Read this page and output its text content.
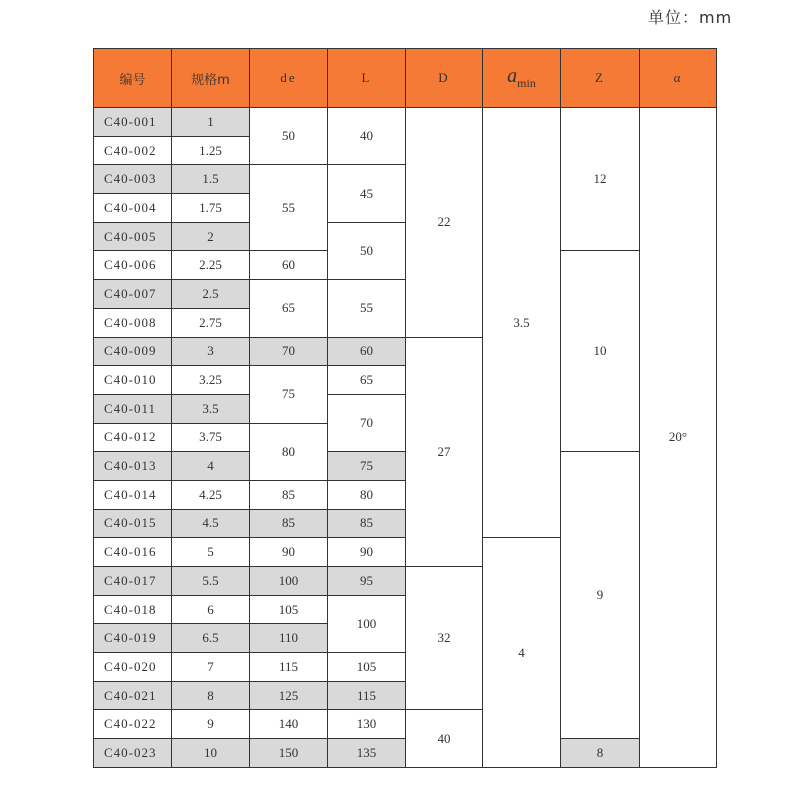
单位：mm
编号	规格m	de	L	D	$a_{min}$	Z	α
C40-001	1	50	40	22	3.5	12	20°
C40-002	1.25						
C40-003	1.5	55	45				
C40-004	1.75						
C40-005	2		50				
C40-006	2.25	60				10	
C40-007	2.5	65	55				
C40-008	2.75						
C40-009	3	70	60	27			
C40-010	3.25	75	65				
C40-011	3.5		70				
C40-012	3.75	80					
C40-013	4		75			9	
C40-014	4.25	85	80				
C40-015	4.5	85	85				
C40-016	5	90	90		4		
C40-017	5.5	100	95	32			
C40-018	6	105	100				
C40-019	6.5	110					
C40-020	7	115	105				
C40-021	8	125	115				
C40-022	9	140	130	40			
C40-023	10	150	135			8	
